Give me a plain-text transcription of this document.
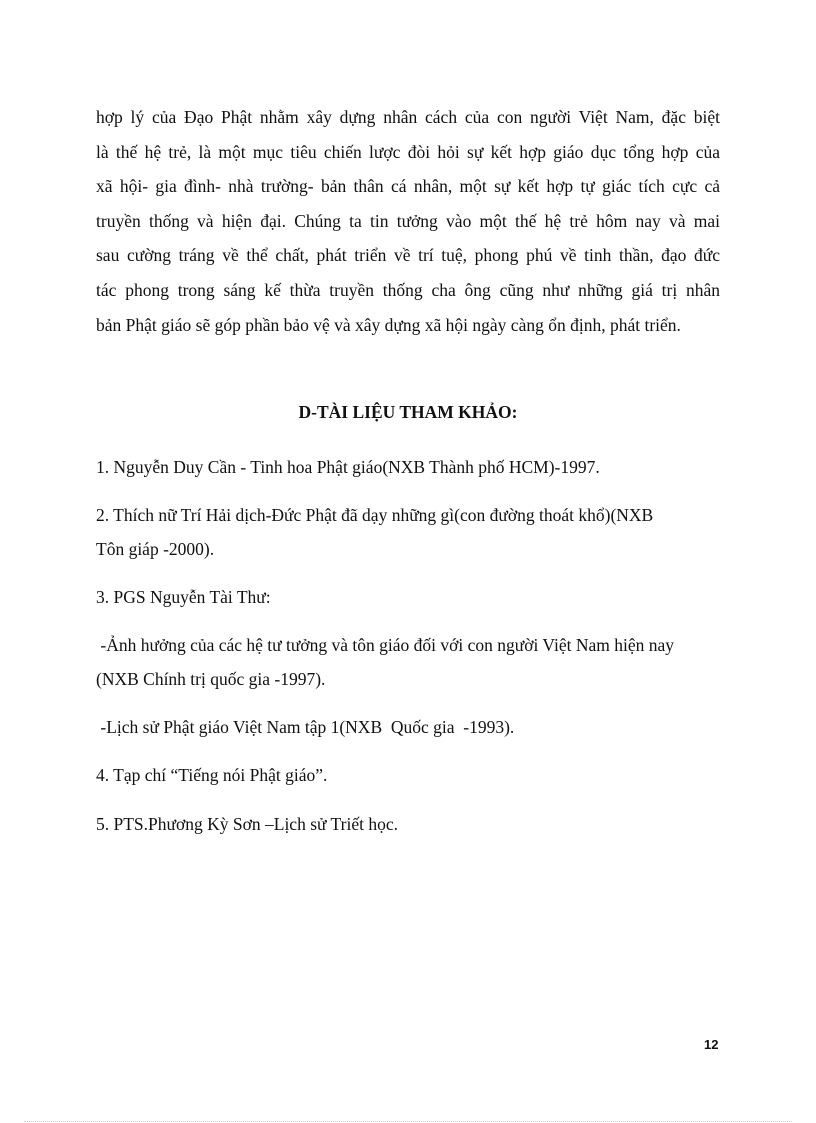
hợp lý của Đạo Phật nhằm xây dựng nhân cách của con người Việt Nam, đặc biệt
là thế hệ trẻ, là một mục tiêu chiến lược đòi hỏi sự kết hợp giáo dục tổng hợp của
xã hội- gia đình- nhà trường- bản thân cá nhân, một sự kết hợp tự giác tích cực cả
truyền thống và hiện đại. Chúng ta tin tưởng vào một thế hệ trẻ hôm nay và mai
sau cường tráng về thể chất, phát triển về trí tuệ, phong phú về tinh thần, đạo đức
tác phong trong sáng kế thừa truyền thống cha ông cũng như những giá trị nhân
bản Phật giáo sẽ góp phần bảo vệ và xây dựng xã hội ngày càng ổn định, phát triển.
D-TÀI LIỆU THAM KHẢO:
1. Nguyễn Duy Cần - Tinh hoa Phật giáo(NXB Thành phố HCM)-1997.
2. Thích nữ Trí Hải dịch-Đức Phật đã dạy những gì(con đường thoát khổ)(NXB
Tôn giáp -2000).
3. PGS Nguyễn Tài Thư:
-Ảnh hưởng của các hệ tư tưởng và tôn giáo đối với con người Việt Nam hiện nay
(NXB Chính trị quốc gia -1997).
-Lịch sử Phật giáo Việt Nam tập 1(NXB  Quốc gia  -1993).
4. Tạp chí “Tiếng nói Phật giáo”.
5. PTS.Phương Kỳ Sơn –Lịch sử Triết học.
12
